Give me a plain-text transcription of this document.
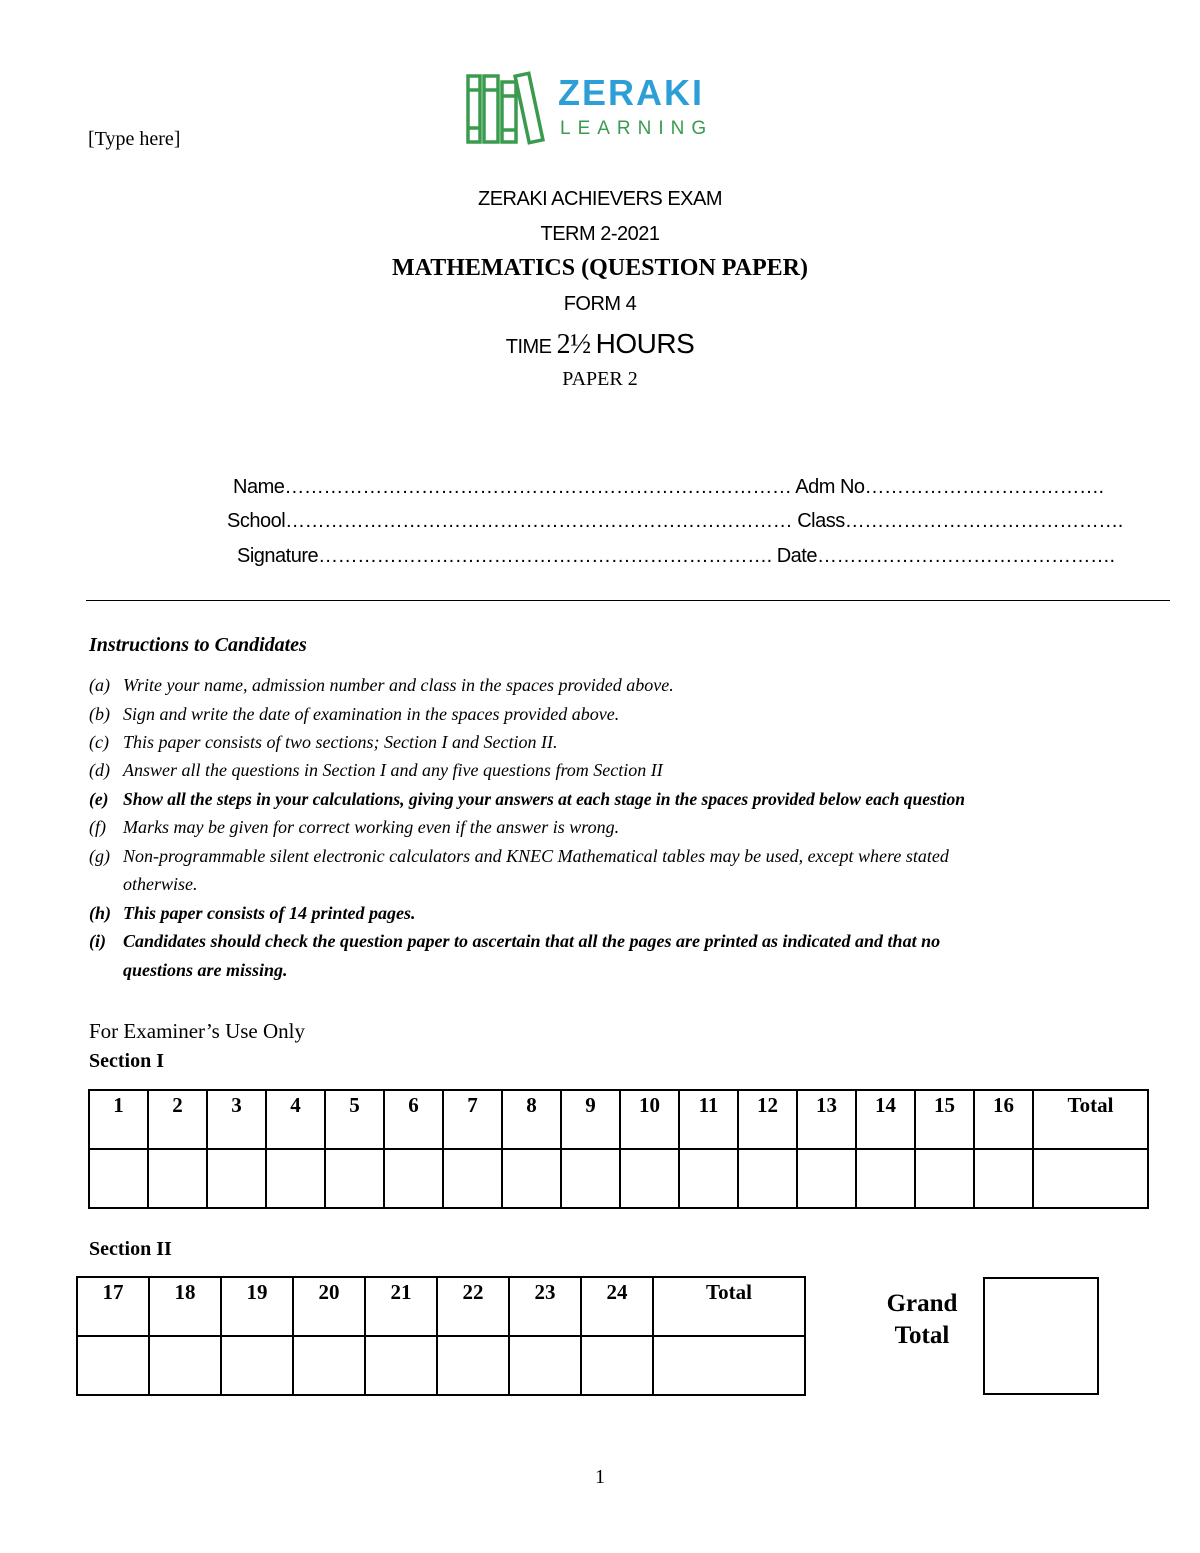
[Type here]
ZERAKI
LEARNING
ZERAKI ACHIEVERS EXAM
TERM 2-2021
MATHEMATICS (QUESTION PAPER)
FORM 4
TIME 2½ HOURS
PAPER 2
Name…………………………………………………………………… Adm No……………………………….
School…………………………………………………………………… Class…………………………………….
Signature……………………………………………………………. Date……………………………………….
Instructions to Candidates
(a) Write your name, admission number and class in the spaces provided above.
(b) Sign and write the date of examination in the spaces provided above.
(c) This paper consists of two sections; Section I and Section II.
(d) Answer all the questions in Section I and any five questions from Section II
(e) Show all the steps in your calculations, giving your answers at each stage in the spaces provided below each question
(f) Marks may be given for correct working even if the answer is wrong.
(g) Non-programmable silent electronic calculators and KNEC Mathematical tables may be used, except where stated
otherwise.
(h) This paper consists of 14 printed pages.
(i) Candidates should check the question paper to ascertain that all the pages are printed as indicated and that no
questions are missing.
For Examiner’s Use Only
Section I
1	2	3	4	5	6	7	8	9	10	11	12	13	14	15	16	Total

Section II
17	18	19	20	21	22	23	24	Total
									Grand
Total
1
